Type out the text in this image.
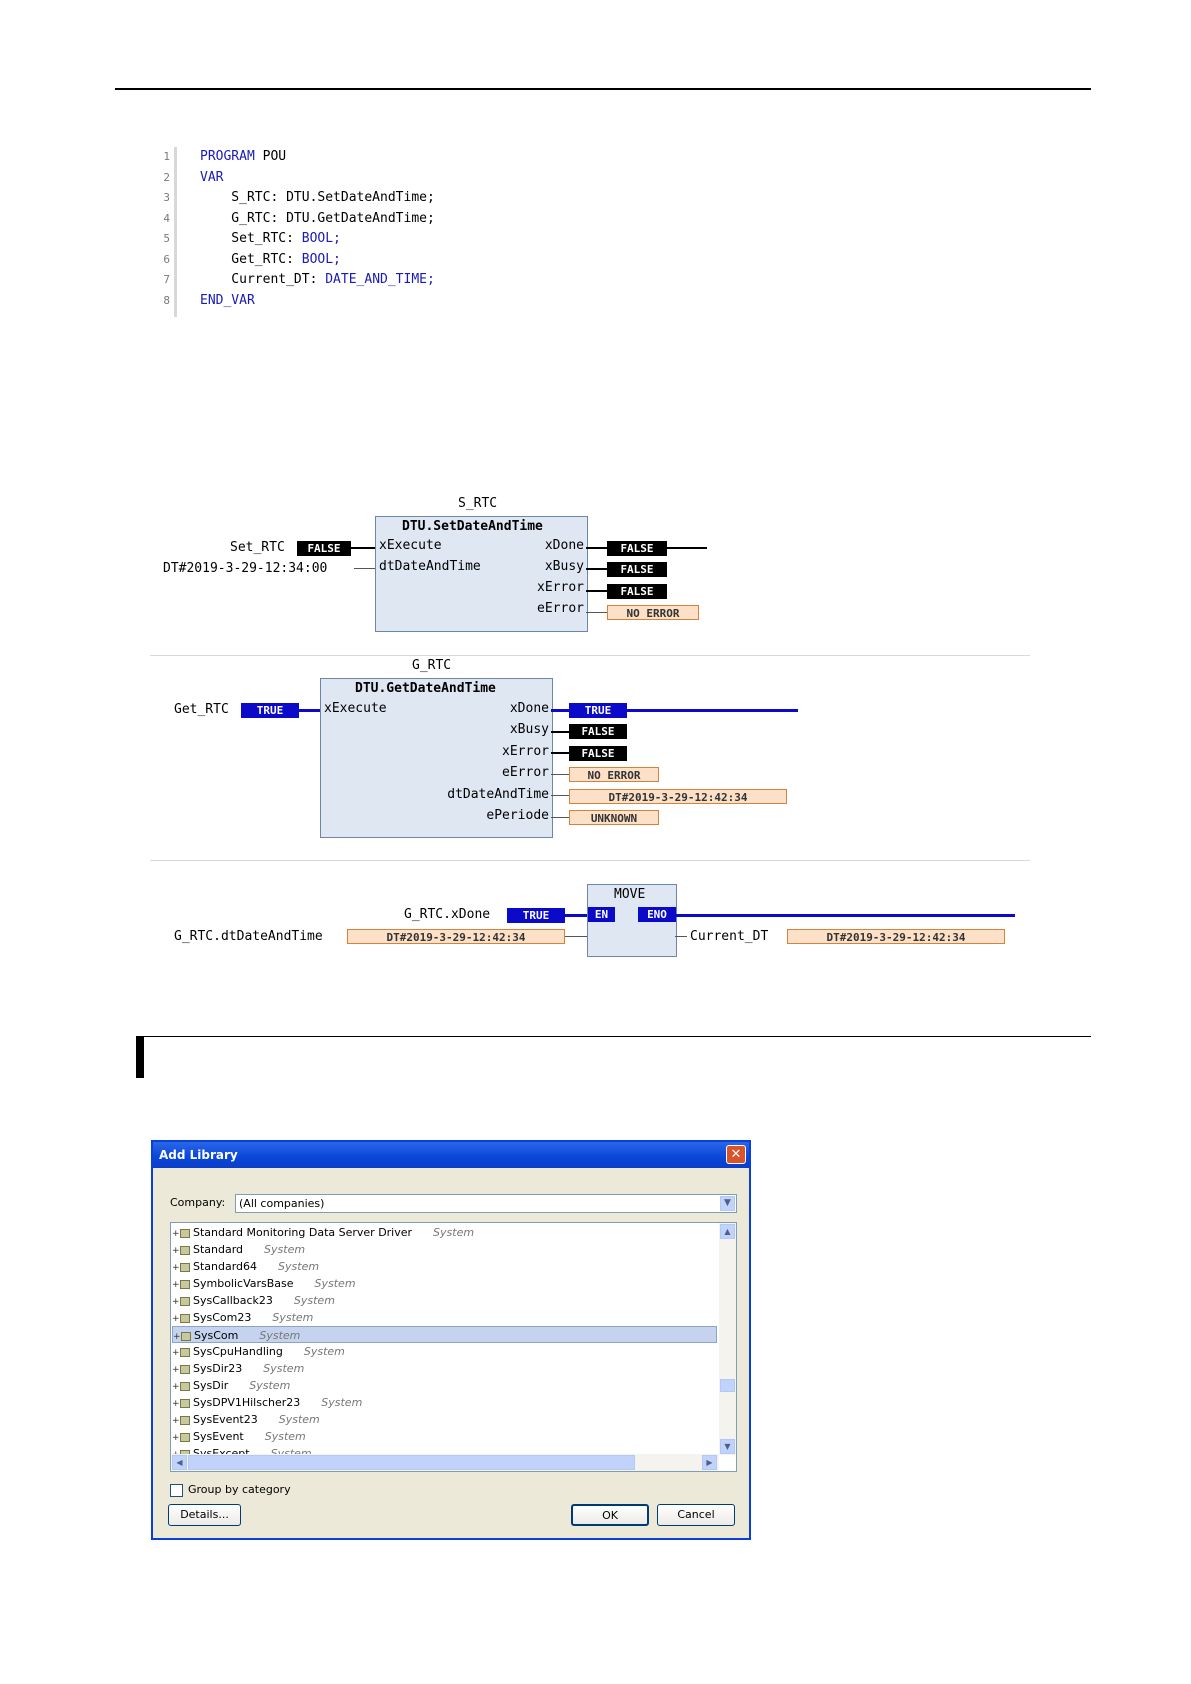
1
2
3
4
5
6
7
8
PROGRAM POU
VAR
S_RTC: DTU.SetDateAndTime;
G_RTC: DTU.GetDateAndTime;
Set_RTC: BOOL;
Get_RTC: BOOL;
Current_DT: DATE_AND_TIME;
END_VAR
S_RTC
DTU.SetDateAndTime
xExecute
dtDateAndTime
xDone
xBusy
xError
eError
Set_RTC	FALSE
DT#2019-3-29-12:34:00
FALSE
FALSE
FALSE
NO ERROR
G_RTC
DTU.GetDateAndTime
xExecute	xDone
xBusy
xError
eError
dtDateAndTime
ePeriode
Get_RTC	TRUE	TRUE
FALSE
FALSE
NO ERROR
DT#2019-3-29-12:42:34
UNKNOWN
MOVE
EN	ENO
G_RTC.xDone	TRUE
G_RTC.dtDateAndTime	DT#2019-3-29-12:42:34	Current_DT	DT#2019-3-29-12:42:34
Add Library	✕
Company:	(All companies)	▼
+ Standard Monitoring Data Server Driver System
+ Standard System
+ Standard64 System
+ SymbolicVarsBase System
+ SysCallback23 System
+ SysCom23 System
+ SysCom System
+ SysCpuHandling System
+ SysDir23 System
+ SysDir System
+ SysDPV1Hilscher23 System
+ SysEvent23 System
+ SysEvent System

▲
▼
◀	▶
Group by category
Details...	OK	Cancel
